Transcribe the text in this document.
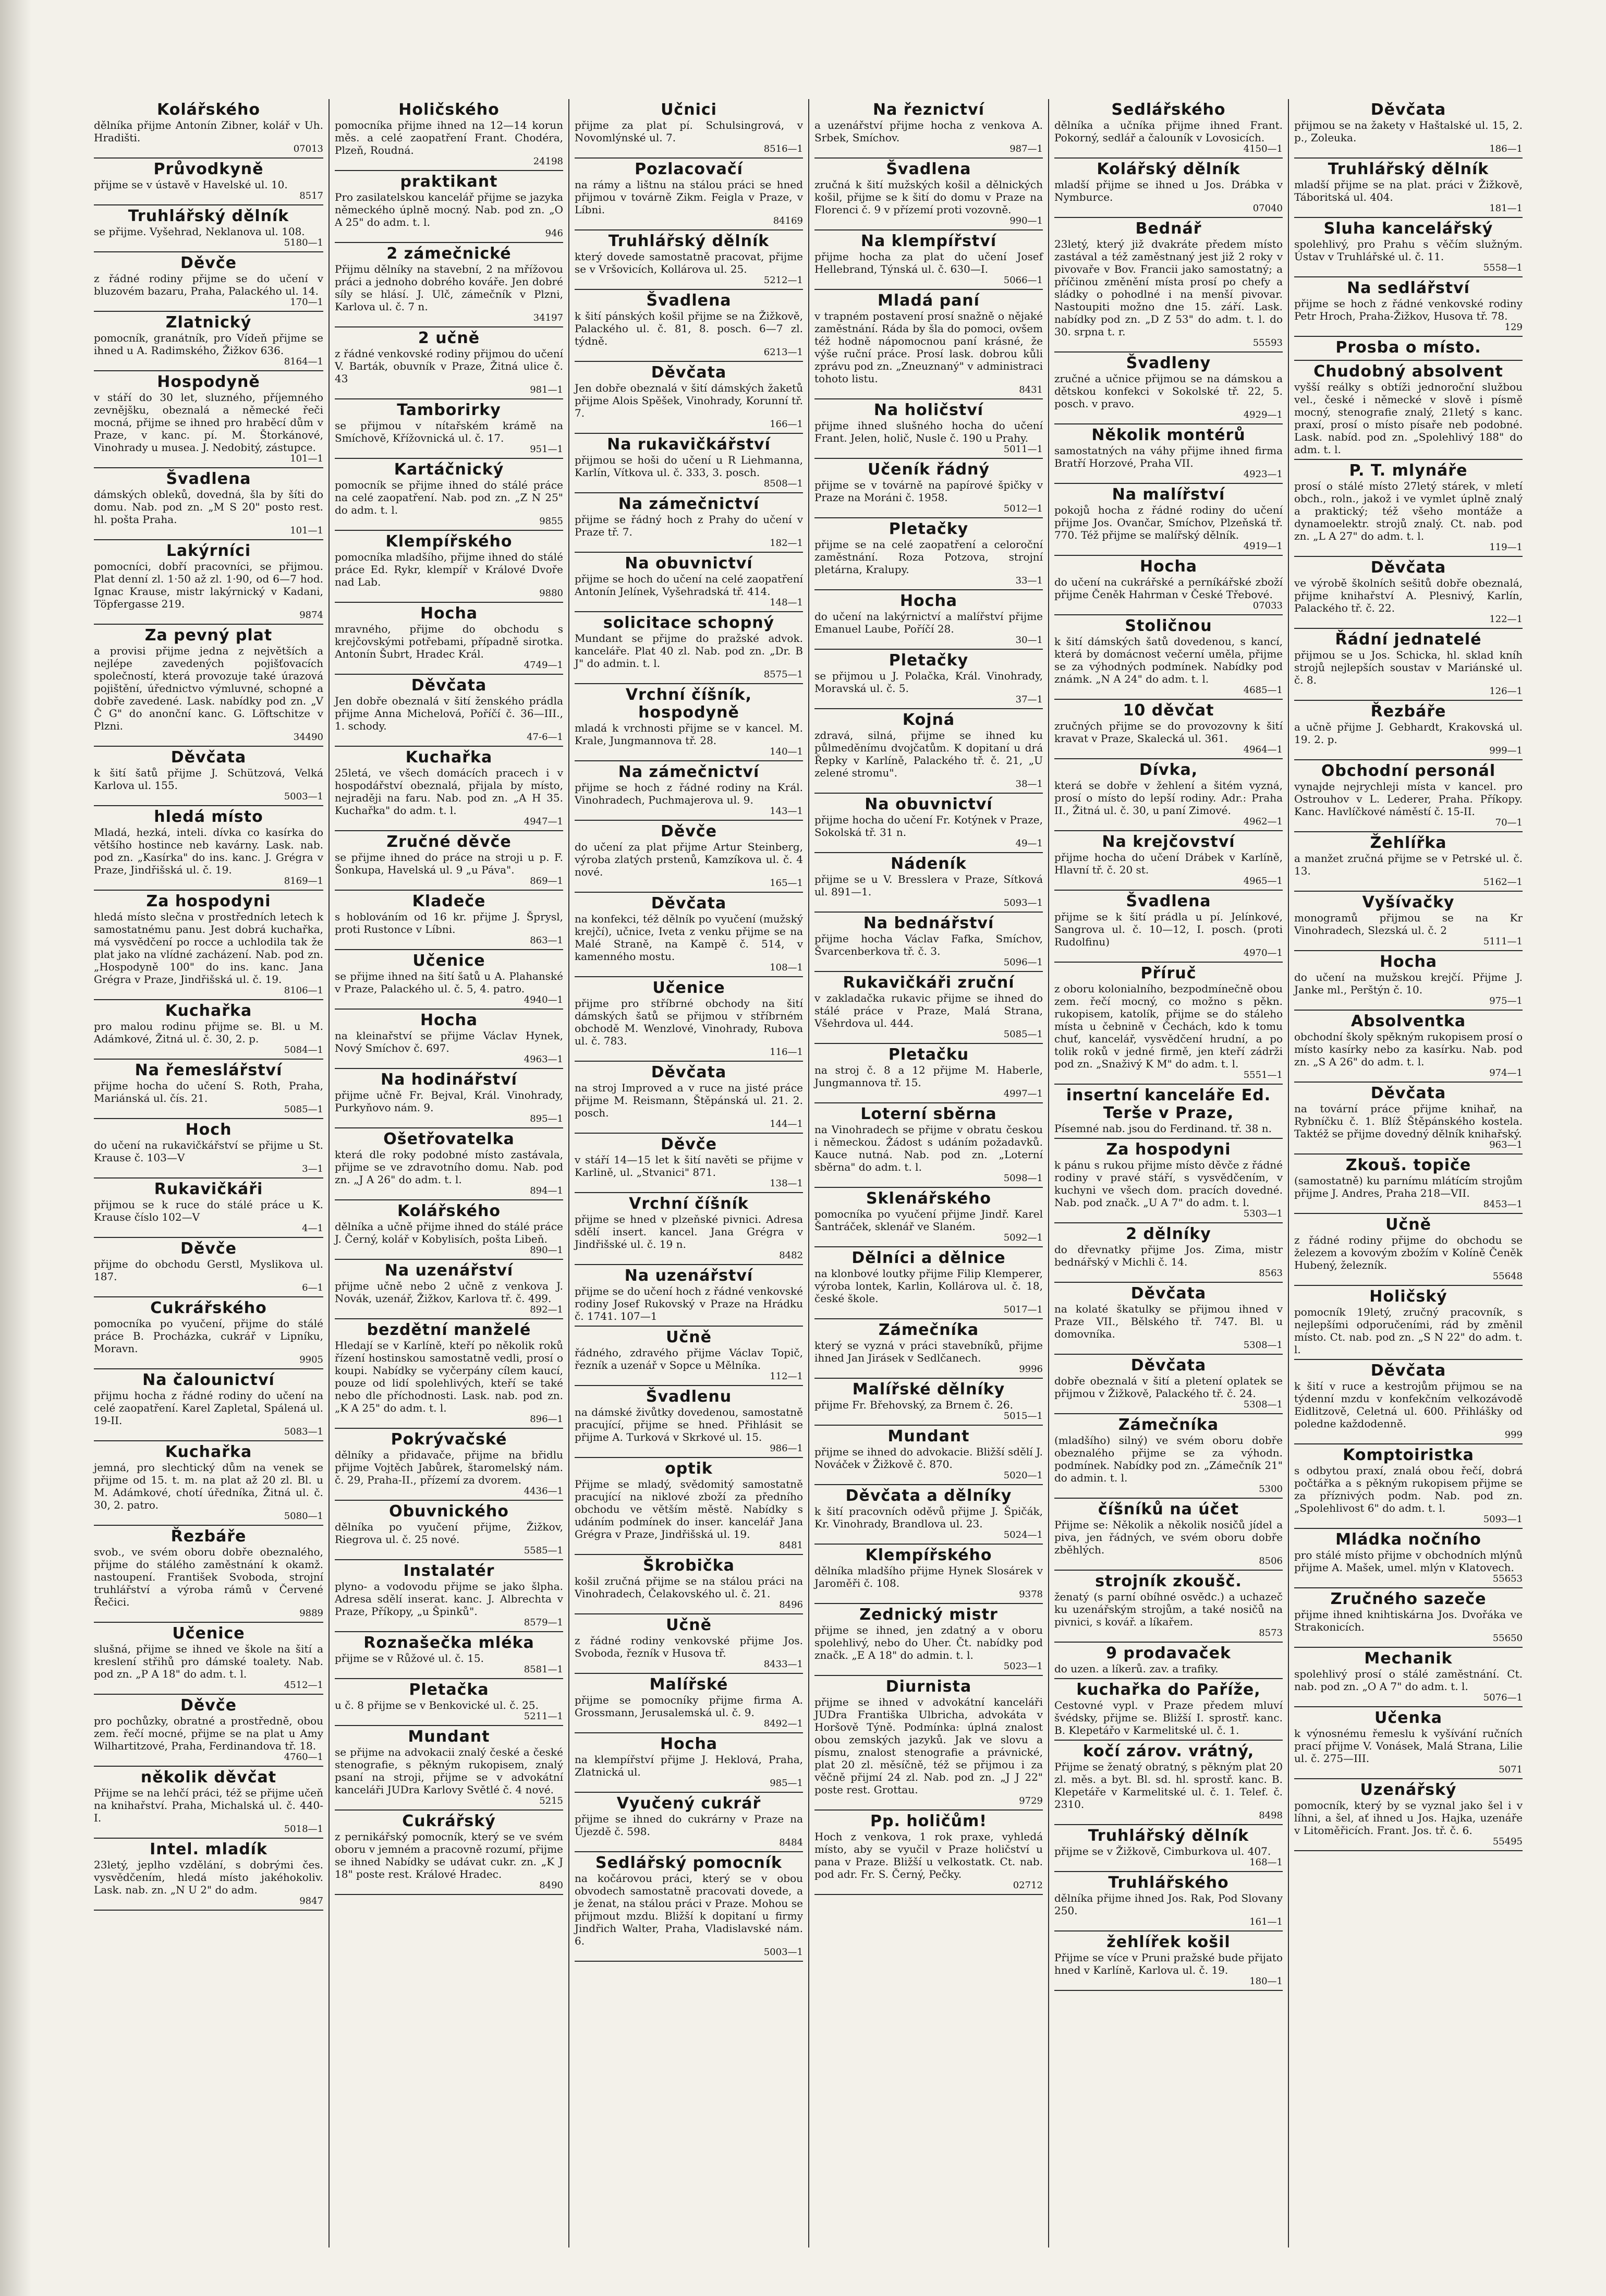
Kolářského

dělníka přijme Antonín Zibner, kolář v Uh. Hradišti.

07013
Průvodkyně

přijme se v ústavě v Havelské ul. 10.

8517
Truhlářský dělník

se přijme. Vyšehrad, Neklanova ul. 108.

5180—1
Děvče

z řádné rodiny přijme se do učení v bluzovém bazaru, Praha, Palackého ul. 14.

170—1
Zlatnický

pomocník, granátník, pro Vídeň přijme se ihned u A. Radimského, Žižkov 636.

8164—1
Hospodyně

v stáří do 30 let, sluzného, příjemného zevnějšku, obeznalá a německé řeči mocná, přijme se ihned pro hraběcí dům v Praze, v kanc. pí. M. Štorkánové, Vinohrady u musea. J. Nedobitý, zástupce.

101—1
Švadlena

dámských obleků, dovedná, šla by šíti do domu. Nab. pod zn. „M S 20" posto rest. hl. pošta Praha.

101—1
Lakýrníci

pomocníci, dobří pracovníci, se přijmou. Plat denní zl. 1·50 až zl. 1·90, od 6—7 hod. Ignac Krause, mistr lakýrnický v Kadani, Töpfergasse 219.

9874
Za pevný plat

a provisi přijme jedna z největších a nejlépe zavedených pojišťovacích společností, která provozuje také úrazová pojištění, úřednictvo výmluvné, schopné a dobře zavedené. Lask. nabídky pod zn. „V Č G" do anonční kanc. G. Löftschitze v Plzni.

34490
Děvčata

k šití šatů přijme J. Schützová, Velká Karlova ul. 155.

5003—1
hledá místo

Mladá, hezká, inteli. dívka co kasírka do většího hostince neb kavárny. Lask. nab. pod zn. „Kasírka" do ins. kanc. J. Grégra v Praze, Jindřišská ul. č. 19.

8169—1
Za hospodyni

hledá místo slečna v prostředních letech k samostatnému panu. Jest dobrá kuchařka, má vysvědčení po rocce a uchlodila tak že plat jako na vlídné zacházení. Nab. pod zn. „Hospodyně 100" do ins. kanc. Jana Grégra v Praze, Jindřišská ul. č. 19.

8106—1
Kuchařka

pro malou rodinu přijme se. Bl. u M. Adámkové, Žitná ul. č. 30, 2. p.

5084—1
Na řemeslářství

přijme hocha do učení S. Roth, Praha, Mariánská ul. čís. 21.

5085—1
Hoch

do učení na rukavičkářství se přijme u St. Krause č. 103—V

3—1
Rukavičkáři

přijmou se k ruce do stálé práce u K. Krause číslo 102—V

4—1
Děvče

přijme do obchodu Gerstl, Myslikova ul. 187.

6—1
Cukrářského

pomocníka po vyučení, přijme do stálé práce B. Procházka, cukrář v Lipníku, Moravn.

9905
Na čalounictví

přijmu hocha z řádné rodiny do učení na celé zaopatření. Karel Zapletal, Spálená ul. 19-II.

5083—1
Kuchařka

jemná, pro slechtický dům na venek se přijme od 15. t. m. na plat až 20 zl. Bl. u M. Adámkové, chotí úředníka, Žitná ul. č. 30, 2. patro.

5080—1
Řezbáře

svob., ve svém oboru dobře obeznalého, přijme do stálého zaměstnání k okamž. nastoupení. František Svoboda, strojní truhlářství a výroba rámů v Červené Řečici.

9889
Učenice

slušná, přijme se ihned ve škole na šití a kreslení střihů pro dámské toalety. Nab. pod zn. „P A 18" do adm. t. l.

4512—1
Děvče

pro pochůzky, obratné a prostředně, obou zem. řečí mocné, přijme se na plat u Amy Wilhartitzové, Praha, Ferdinandova tř. 18.

4760—1
několik děvčat

Přijme se na lehčí práci, též se přijme učeň na knihařství. Praha, Michalská ul. č. 440-I.

5018—1
Intel. mladík

23letý, jeplho vzdělání, s dobrými čes. vysvědčením, hledá místo jakéhokoliv. Lask. nab. zn. „N U 2" do adm.

9847
Holičského

pomocníka přijme ihned na 12—14 korun měs. a celé zaopatření Frant. Chodéra, Plzeň, Roudná.

24198
praktikant

Pro zasilatelskou kancelář přijme se jazyka německého úplně mocný. Nab. pod zn. „O A 25" do adm. t. l.

946
2 zámečnické

Přijmu dělníky na stavební, 2 na mřížovou práci a jednoho dobrého kováře. Jen dobré síly se hlásí. J. Ulč, zámečník v Plzni, Karlova ul. č. 7 n.

34197
2 učně

z řádné venkovské rodiny přijmou do učení V. Barták, obuvník v Praze, Žitná ulice č. 43

981—1
Tamborirky

se přijmou v nítařském krámě na Smíchově, Křížovnická ul. č. 17.

951—1
Kartáčnický

pomocník se přijme ihned do stálé práce na celé zaopatření. Nab. pod zn. „Z N 25" do adm. t. l.

9855
Klempířského

pomocníka mladšího, přijme ihned do stálé práce Ed. Rykr, klempíř v Králové Dvoře nad Lab.

9880
Hocha

mravného, přijme do obchodu s krejčovskými potřebami, případně sirotka. Antonín Šubrt, Hradec Král.

4749—1
Děvčata

Jen dobře obeznalá v šití ženského prádla přijme Anna Michelová, Poříčí č. 36—III., 1. schody.

47-6—1
Kuchařka

25letá, ve všech domácích pracech i v hospodářství obeznalá, přijala by místo, nejraději na faru. Nab. pod zn. „A H 35. Kuchařka" do adm. t. l.

4947—1
Zručné děvče

se přijme ihned do práce na stroji u p. F. Šonkupa, Havelská ul. 9 „u Páva".

869—1
Kladeče

s hoblováním od 16 kr. přijme J. Šprysl, proti Rustonce v Líbni.

863—1
Učenice

se přijme ihned na šití šatů u A. Plahanské v Praze, Palackého ul. č. 5, 4. patro.

4940—1
Hocha

na kleinařství se přijme Václav Hynek, Nový Smíchov č. 697.

4963—1
Na hodinářství

přijme učně Fr. Bejval, Král. Vinohrady, Purkyňovo nám. 9.

895—1
Ošetřovatelka

která dle roky podobné místo zastávala, přijme se ve zdravotního domu. Nab. pod zn. „J A 26" do adm. t. l.

894—1
Kolářského

dělníka a učně přijme ihned do stálé práce J. Černý, kolář v Kobylisích, pošta Libeň.

890—1
Na uzenářství

přijme učně nebo 2 učně z venkova J. Novák, uzenář, Žižkov, Karlova tř. č. 499.

892—1
bezdětní manželé

Hledají se v Karlíně, kteří po několik roků řízení hostinskou samostatně vedli, prosí o koupi. Nabídky se vyčerpány cílem kaucí, pouze od lidí spolehlivých, kteří se také nebo dle příchodnosti. Lask. nab. pod zn. „K A 25" do adm. t. l.

896—1
Pokrývačské

dělníky a přidavače, přijme na břidlu přijme Vojtěch Jabůrek, štaromelský nám. č. 29, Praha-II., přízemí za dvorem.

4436—1
Obuvnického

dělníka po vyučení přijme, Žižkov, Riegrova ul. č. 25 nové.

5585—1
Instalatér

plyno- a vodovodu přijme se jako šlpha. Adresa sdělí inserat. kanc. J. Albrechta v Praze, Příkopy, „u Špinků".

8579—1
Roznašečka mléka

přijme se v Růžové ul. č. 15.

8581—1
Pletačka

u č. 8 přijme se v Benkovické ul. č. 25.

5211—1
Mundant

se přijme na advokacii znalý české a české stenografie, s pěkným rukopisem, znalý psaní na stroji, přijme se v advokátní kanceláři JUDra Karlovy Světlé č. 4 nové.

5215
Cukrářský

z pernikářský pomocník, který se ve svém oboru v jemném a pracovně rozumí, přijme se ihned Nabídky se udávat cukr. zn. „K J 18" poste rest. Králové Hradec.

8490
Učnici

přijme za plat pí. Schulsingrová, v Novomlýnské ul. 7.

8516—1
Pozlacovačí

na rámy a lištnu na stálou práci se hned přijmou v továrně Zikm. Feigla v Praze, v Líbni.

84169
Truhlářský dělník

který dovede samostatně pracovat, přijme se v Vršovicích, Kollárova ul. 25.

5212—1
Švadlena

k šití pánských košil přijme se na Žižkově, Palackého ul. č. 81, 8. posch. 6—7 zl. týdně.

6213—1
Děvčata

Jen dobře obeznalá v šití dámských žaketů přijme Alois Spěšek, Vinohrady, Korunní tř. 7.

166—1
Na rukavičkářství

přijmou se hoši do učení u R Liehmanna, Karlín, Vítkova ul. č. 333, 3. posch.

8508—1
Na zámečnictví

přijme se řádný hoch z Prahy do učení v Praze tř. 7.

182—1
Na obuvnictví

přijme se hoch do učení na celé zaopatření Antonín Jelínek, Vyšehradská tř. 414.

148—1
solicitace schopný

Mundant se přijme do pražské advok. kanceláře. Plat 40 zl. Nab. pod zn. „Dr. B J" do admin. t. l.

8575—1
Vrchní číšník, hospodyně

mladá k vrchnosti přijme se v kancel. M. Krale, Jungmannova tř. 28.

140—1
Na zámečnictví

přijme se hoch z řádné rodiny na Král. Vinohradech, Puchmajerova ul. 9.

143—1
Děvče

do učení za plat přijme Artur Steinberg, výroba zlatých prstenů, Kamzíkova ul. č. 4 nové.

165—1
Děvčata

na konfekci, též dělník po vyučení (mužský krejčí), učnice, Iveta z venku přijme se na Malé Straně, na Kampě č. 514, v kamenného mostu.

108—1
Učenice

přijme pro stříbrné obchody na šití dámských šatů se přijmou v stříbrném obchodě M. Wenzlové, Vinohrady, Rubova ul. č. 783.

116—1
Děvčata

na stroj Improved a v ruce na jisté práce přijme M. Reismann, Štěpánská ul. 21. 2. posch.

144—1
Děvče

v stáří 14—15 let k šití navěti se přijme v Karlině, ul. „Stvanici" 871.

138—1
Vrchní číšník

přijme se hned v plzeňské pivnici. Adresa sdělí insert. kancel. Jana Grégra v Jindřišské ul. č. 19 n.

8482
Na uzenářství

přijme se do učení hoch z řádné venkovské rodiny Josef Rukovský v Praze na Hrádku č. 1741. 107—1

Učně

řádného, zdravého přijme Václav Topič, řezník a uzenář v Sopce u Mělníka.

112—1
Švadlenu

na dámské živůtky dovedenou, samostatně pracující, přijme se hned. Přihlásit se přijme A. Turková v Skrkové ul. 15.

986—1
optik

Přijme se mladý, svědomitý samostatně pracující na niklové zboží za předního obchodu ve větším městě. Nabídky s udáním podmínek do inser. kancelář Jana Grégra v Praze, Jindřišská ul. 19.

8481
Škrobička

košil zručná přijme se na stálou práci na Vinohradech, Čelakovského ul. č. 21.

8496
Učně

z řádné rodiny venkovské přijme Jos. Svoboda, řezník v Husova tř.

8433—1
Malířské

přijme se pomocníky přijme firma A. Grossmann, Jerusalemská ul. č. 9.

8492—1
Hocha

na klempířství přijme J. Heklová, Praha, Zlatnická ul.

985—1
Vyučený cukrář

přijme se ihned do cukrárny v Praze na Újezdě č. 598.

8484
Sedlářský pomocník

na kočárovou práci, který se v obou obvodech samostatně pracovati dovede, a je ženat, na stálou práci v Praze. Mohou se přijmout mzdu. Bližší k dopitaní u firmy Jindřich Walter, Praha, Vladislavské nám. 6.

5003—1
Na řeznictví

a uzenářství přijme hocha z venkova A. Srbek, Smíchov.

987—1
Švadlena

zručná k šití mužských košil a dělnických košil, přijme se k šití do domu v Praze na Florenci č. 9 v přízemí proti vozovně.

990—1
Na klempířství

přijme hocha za plat do učení Josef Hellebrand, Týnská ul. č. 630—I.

5066—1
Mladá paní

v trapném postavení prosí snažně o nějaké zaměstnání. Ráda by šla do pomoci, ovšem též hodně nápomocnou paní krásné, že výše ruční práce. Prosí lask. dobrou kůli zprávu pod zn. „Zneuznaný" v administraci tohoto listu.

8431
Na holičství

přijme ihned slušného hocha do učení Frant. Jelen, holič, Nusle č. 190 u Prahy.

5011—1
Učeník řádný

přijme se v továrně na papírové špičky v Praze na Moráni č. 1958.

5012—1
Pletačky

přijme se na celé zaopatření a celoroční zaměstnání. Roza Potzova, strojní pletárna, Kralupy.

33—1
Hocha

do učení na lakýrnictví a malířství přijme Emanuel Laube, Poříčí 28.

30—1
Pletačky

se přijmou u J. Polačka, Král. Vinohrady, Moravská ul. č. 5.

37—1
Kojná

zdravá, silná, přijme se ihned ku půlmeděnímu dvojčatům. K dopitaní u drá Řepky v Karlíně, Palackého tř. č. 21, „U zelené stromu".

38—1
Na obuvnictví

přijme hocha do učení Fr. Kotýnek v Praze, Sokolská tř. 31 n.

49—1
Nádeník

přijme se u V. Bresslera v Praze, Sítková ul. 891—1.

5093—1
Na bednářství

přijme hocha Václav Fafka, Smíchov, Švarcenberkova tř. č. 3.

5096—1
Rukavičkáři zruční

v zakladačka rukavic přijme se ihned do stálé práce v Praze, Malá Strana, Všehrdova ul. 444.

5085—1
Pletačku

na stroj č. 8 a 12 přijme M. Haberle, Jungmannova tř. 15.

4997—1
Loterní sběrna

na Vinohradech se přijme v obratu českou i německou. Žádost s udáním požadavků. Kauce nutná. Nab. pod zn. „Loterní sběrna" do adm. t. l.

5098—1
Sklenářského

pomocníka po vyučení přijme Jindř. Karel Šantráček, sklenář ve Slaném.

5092—1
Dělníci a dělnice

na klonbové loutky přijme Filip Klemperer, výroba lontek, Karlin, Kollárova ul. č. 18, české škole.

5017—1
Zámečníka

který se vyzná v práci stavebníků, přijme ihned Jan Jirásek v Sedlčanech.

9996
Malířské dělníky

přijme Fr. Břehovský, za Brnem č. 26.

5015—1
Mundant

přijme se ihned do advokacie. Bližší sdělí J. Nováček v Žižkově č. 870.

5020—1
Děvčata a dělníky

k šití pracovních oděvů přijme J. Špičák, Kr. Vinohrady, Brandlova ul. 23.

5024—1
Klempířského

dělníka mladšího přijme Hynek Slosárek v Jaroměři č. 108.

9378
Zednický mistr

přijme se ihned, jen zdatný a v oboru spolehlivý, nebo do Uher. Čt. nabídky pod značk. „E A 18" do admin. t. l.

5023—1
Diurnista

přijme se ihned v advokátní kanceláři JUDra Františka Ulbricha, advokáta v Horšově Týně. Podmínka: úplná znalost obou zemských jazyků. Jak ve slovu a písmu, znalost stenografie a právnické, plat 20 zl. měsíčně, též se přijmou i za věčně přijmí 24 zl. Nab. pod zn. „J J 22" poste rest. Grottau.

9729
Pp. holičům!

Hoch z venkova, 1 rok praxe, vyhledá místo, aby se vyučil v Praze holičství u pana v Praze. Bližší u velkostatk. Ct. nab. pod adr. Fr. S. Černý, Pečky.

02712
Sedlářského

dělníka a učníka přijme ihned Frant. Pokorný, sedlář a čalouník v Lovosicích.

4150—1
Kolářský dělník

mladší přijme se ihned u Jos. Drábka v Nymburce.

07040
Bednář

23letý, který již dvakráte předem místo zastával a též zaměstnaný jest již 2 roky v pivovaře v Bov. Francii jako samostatný; a příčinou změnění místa prosí po chefy a sládky o pohodlné i na menší pivovar. Nastoupiti možno dne 15. září. Lask. nabídky pod zn. „D Z 53" do adm. t. l. do 30. srpna t. r.

55593
Švadleny

zručné a učnice přijmou se na dámskou a dětskou konfekci v Sokolské tř. 22, 5. posch. v pravo.

4929—1
Několik montérů

samostatných na váhy přijme ihned firma Bratří Horzové, Praha VII.

4923—1
Na malířství

pokojů hocha z řádné rodiny do učení přijme Jos. Ovančar, Smíchov, Plzeňská tř. 770. Též přijme se malířský dělník.

4919—1
Hocha

do učení na cukrářské a perníkářské zboží přijme Čeněk Hahrman v České Třebové.

07033
Stoličnou

k šití dámských šatů dovedenou, s kancí, která by domácnost večerní uměla, přijme se za výhodných podmínek. Nabídky pod známk. „N A 24" do adm. t. l.

4685—1
10 děvčat

zručných přijme se do provozovny k šití kravat v Praze, Skalecká ul. 361.

4964—1
Dívka,

která se dobře v žehlení a šitém vyzná, prosí o místo do lepší rodiny. Adr.: Praha II., Žitná ul. č. 30, u paní Zimové.

4962—1
Na krejčovství

přijme hocha do učení Drábek v Karlíně, Hlavní tř. č. 20 st.

4965—1
Švadlena

přijme se k šití prádla u pí. Jelínkové, Sangrova ul. č. 10—12, I. posch. (proti Rudolfinu)

4970—1
Příruč

z oboru kolonialního, bezpodmínečně obou zem. řečí mocný, co možno s pěkn. rukopisem, katolík, přijme se do stáleho místa u čebnině v Čechách, kdo k tomu chuť, kancelář, vysvědčení hrudní, a po tolik roků v jedné firmě, jen kteří zádrži pod zn. „Snaživý K M" do adm. t. l.

5551—1
insertní kanceláře Ed. Terše v Praze,

Písemné nab. jsou do Ferdinand. tř. 38 n.

Za hospodyni

k pánu s rukou přijme místo děvče z řádné rodiny v pravé stáří, s vysvědčením, v kuchyni ve všech dom. pracích dovedné. Nab. pod značk. „U A 7" do adm. t. l.

5303—1
2 dělníky

do dřevnatky přijme Jos. Zima, mistr bednářský v Michli č. 14.

8563
Děvčata

na kolaté škatulky se přijmou ihned v Praze VII., Bělského tř. 747. Bl. u domovníka.

5308—1
Děvčata

dobře obeznalá v šití a pletení oplatek se přijmou v Žižkově, Palackého tř. č. 24.

5308—1
Zámečníka

(mladšího) silný) ve svém oboru dobře obeznalého přijme se za výhodn. podmínek. Nabídky pod zn. „Zámečník 21" do admin. t. l.

5300
číšníků na účet

Přijme se: Několik a několik nosičů jídel a piva, jen řádných, ve svém oboru dobře zběhlých.

8506
strojník zkoušč.

ženatý (s parní obíhné osvědc.) a uchazeč ku uzenářským strojům, a také nosičů na pivnici, s kovář. a líkařem.

8573
9 prodavaček

do uzen. a líkerů. zav. a trafiky.

kuchařka do Paříže,

Cestovné vypl. v Praze předem mluví švédsky, přijme se. Bližší I. sprostř. kanc. B. Klepetářo v Karmelitské ul. č. 1.

kočí zárov. vrátný,

Přijme se ženatý obratný, s pěkným plat 20 zl. měs. a byt. Bl. sd. hl. sprostř. kanc. B. Klepetáře v Karmelitské ul. č. 1. Telef. č. 2310.

8498
Truhlářský dělník

přijme se v Žižkově, Cimburkova ul. 407.

168—1
Truhlářského

dělníka přijme ihned Jos. Rak, Pod Slovany 250.

161—1
žehlířek košil

Přijme se více v Pruni pražské bude přijato hned v Karlíně, Karlova ul. č. 19.

180—1
Děvčata

přijmou se na žakety v Haštalské ul. 15, 2. p., Zoleuka.

186—1
Truhlářský dělník

mladší přijme se na plat. práci v Žižkově, Táboritská ul. 404.

181—1
Sluha kancelářský

spolehlivý, pro Prahu s věčím služným. Ústav v Truhlářské ul. č. 11.

5558—1
Na sedlářství

přijme se hoch z řádné venkovské rodiny Petr Hroch, Praha-Žižkov, Husova tř. 78.

129
Prosba o místo.
Chudobný absolvent

vyšší reálky s obtíži jednoroční službou vel., české i německé v slově i písmě mocný, stenografie znalý, 21letý s kanc. praxí, prosí o místo písaře neb podobné. Lask. nabíd. pod zn. „Spolehlivý 188" do adm. t. l.

P. T. mlynáře

prosí o stálé místo 27letý stárek, v mletí obch., roln., jakož i ve vymlet úplně znalý a praktický; též všeho montáže a dynamoelektr. strojů znalý. Ct. nab. pod zn. „L A 27" do adm. t. l.

119—1
Děvčata

ve výrobě školních sešitů dobře obeznalá, přijme knihařství A. Plesnivý, Karlín, Palackého tř. č. 22.

122—1
Řádní jednatelé

přijmou se u Jos. Schicka, hl. sklad kníh strojů nejlepších soustav v Mariánské ul. č. 8.

126—1
Řezbáře

a učně přijme J. Gebhardt, Krakovská ul. 19. 2. p.

999—1
Obchodní personál

vynajde nejrychleji místa v kancel. pro Ostrouhov v L. Lederer, Praha. Příkopy. Kanc. Havlíčkové náměstí č. 15-II.

70—1
Žehlířka

a manžet zručná přijme se v Petrské ul. č. 13.

5162—1
Vyšívačky

monogramů přijmou se na Kr Vinohradech, Slezská ul. č. 2

5111—1
Hocha

do učení na mužskou krejčí. Přijme J. Janke ml., Perštýn č. 10.

975—1
Absolventka

obchodní školy spěkným rukopisem prosí o místo kasírky nebo za kasírku. Nab. pod zn. „S A 26" do adm. t. l.

974—1
Děvčata

na tovární práce přijme knihař, na Rybníčku č. 1. Blíž Štěpánského kostela. Taktéž se přijme dovedný dělník knihařský.

963—1
Zkouš. topiče

(samostatně) ku parnímu mlátícím strojům přijme J. Andres, Praha 218—VII.

8453—1
Učně

z řádné rodiny přijme do obchodu se železem a kovovým zbožím v Kolíně Čeněk Hubený, železník.

55648
Holičský

pomocník 19letý, zručný pracovník, s nejlepšími odporučeními, rád by změnil místo. Ct. nab. pod zn. „S N 22" do adm. t. l.

Děvčata

k šití v ruce a kestrojům přijmou se na týdenní mzdu v konfekčním velkozávodě Eidlitzově, Celetná ul. 600. Přihlášky od poledne každodenně.

999
Komptoiristka

s odbytou praxí, znalá obou řečí, dobrá počtářka a s pěkným rukopisem přijme se za příznivých podm. Nab. pod zn. „Spolehlivost 6" do adm. t. l.

5093—1
Mládka nočního

pro stálé místo přijme v obchodních mlýnů přijme A. Mašek, umel. mlýn v Klatovech.

55653
Zručného sazeče

přijme ihned knihtiskárna Jos. Dvořáka ve Strakonicích.

55650
Mechanik

spolehlivý prosí o stálé zaměstnání. Ct. nab. pod zn. „O A 7" do adm. t. l.

5076—1
Učenka

k výnosnému řemeslu k vyšívání ručních prací přijme V. Vonásek, Malá Strana, Lilie ul. č. 275—III.

5071
Uzenářský

pomocník, který by se vyznal jako šel i v líhni, a šel, ať ihned u Jos. Hajka, uzenáře v Litoměřicích. Frant. Jos. tř. č. 6.

55495
